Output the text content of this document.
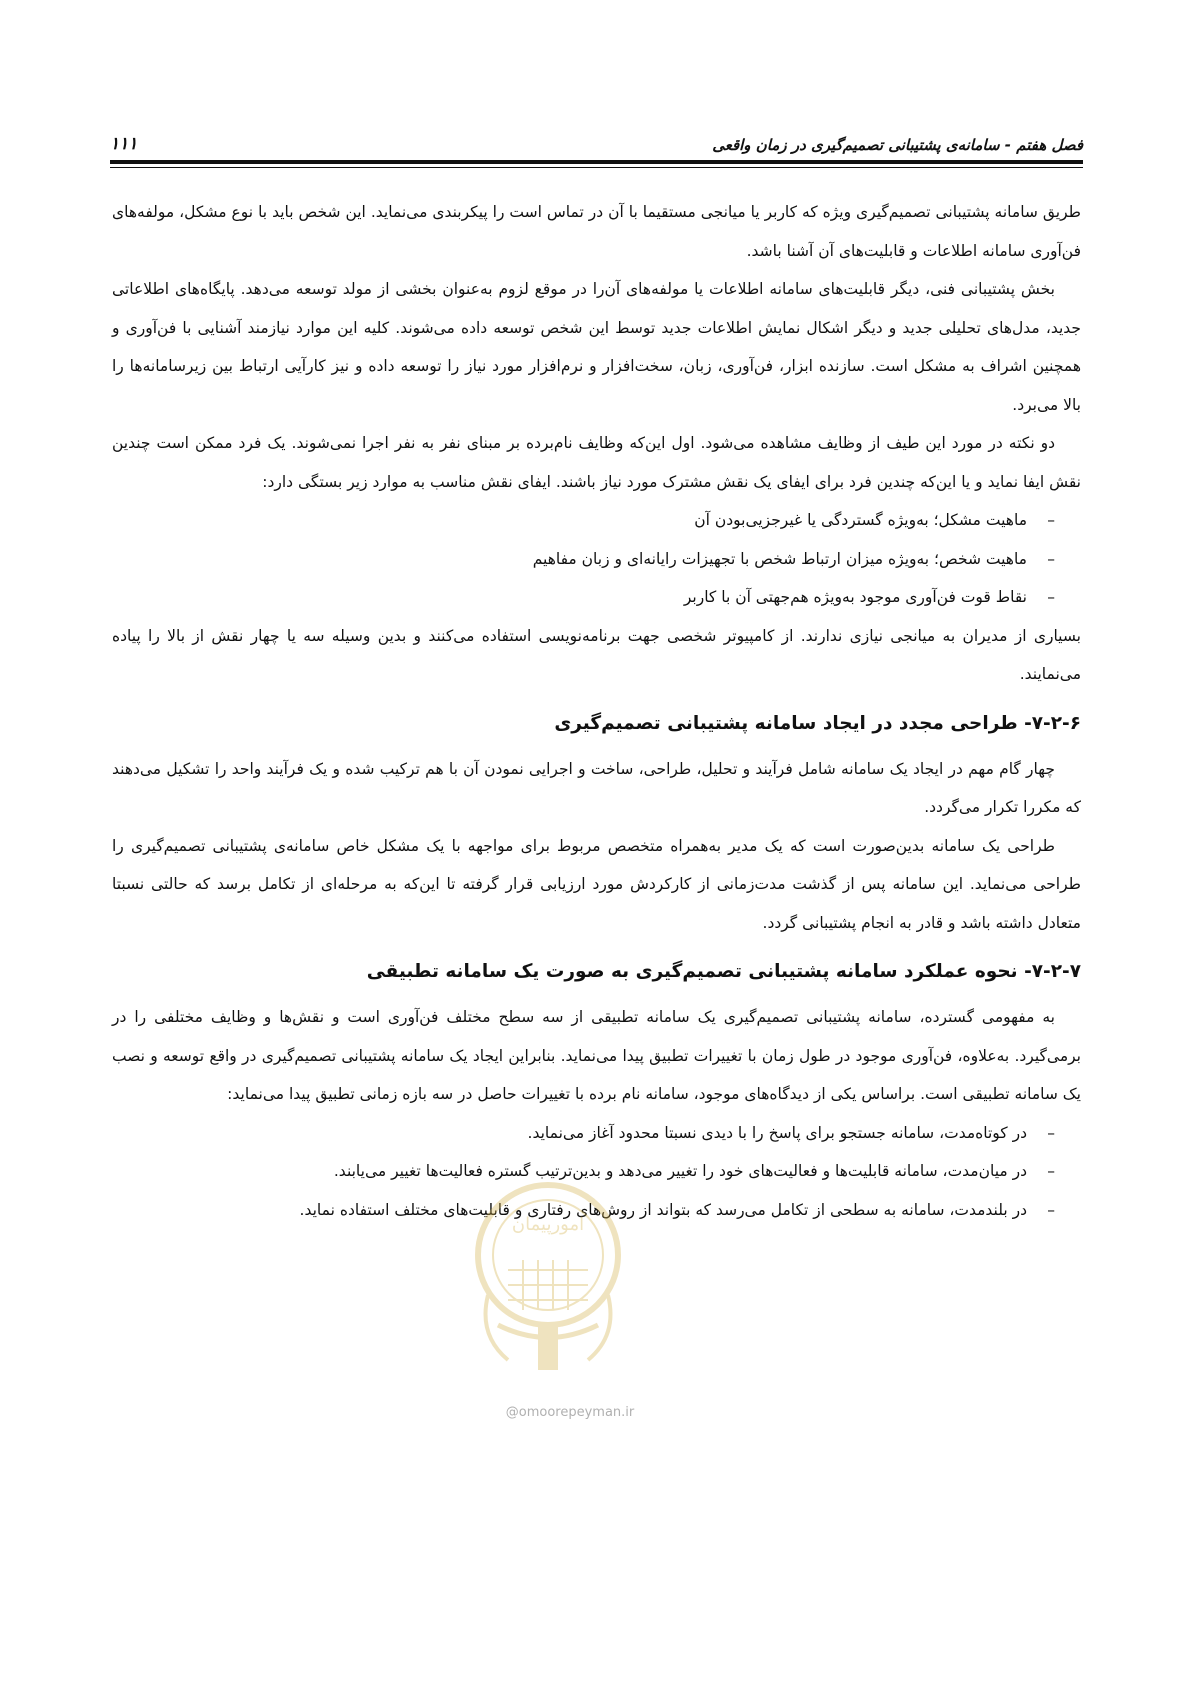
فصل هفتم - سامانه‌ی پشتیبانی تصمیم‌گیری در زمان واقعی
۱۱۱

طریق سامانه پشتیبانی تصمیم‌گیری ویژه که کاربر یا میانجی مستقیما با آن در تماس است را پیکربندی می‌نماید. این شخص باید با نوع مشکل، مولفه‌های فن‌آوری سامانه اطلاعات و قابلیت‌های آن آشنا باشد.

بخش پشتیبانی فنی، دیگر قابلیت‌های سامانه اطلاعات یا مولفه‌های آن‌را در موقع لزوم به‌عنوان بخشی از مولد توسعه می‌دهد. پایگاه‌های اطلاعاتی جدید، مدل‌های تحلیلی جدید و دیگر اشکال نمایش اطلاعات جدید توسط این شخص توسعه داده می‌شوند. کلیه این موارد نیازمند آشنایی با فن‌آوری و همچنین اشراف به مشکل است. سازنده ابزار، فن‌آوری، زبان، سخت‌افزار و نرم‌افزار مورد نیاز را توسعه داده و نیز کارآیی ارتباط بین زیرسامانه‌ها را بالا می‌برد.

دو نکته در مورد این طیف از وظایف مشاهده می‌شود. اول این‌که وظایف نام‌برده بر مبنای نفر به نفر اجرا نمی‌شوند. یک فرد ممکن است چندین نقش ایفا نماید و یا این‌که چندین فرد برای ایفای یک نقش مشترک مورد نیاز باشند. ایفای نقش مناسب به موارد زیر بستگی دارد:

–
ماهیت مشکل؛ به‌ویژه گستردگی یا غیرجزیی‌بودن آن
–
ماهیت شخص؛ به‌ویژه میزان ارتباط شخص با تجهیزات رایانه‌ای و زبان مفاهیم
–
نقاط قوت فن‌آوری موجود به‌ویژه هم‌جهتی آن با کاربر

بسیاری از مدیران به میانجی نیازی ندارند. از کامپیوتر شخصی جهت برنامه‌نویسی استفاده می‌کنند و بدین وسیله سه یا چهار نقش از بالا را پیاده می‌نمایند.

۷-۲-۶- طراحی مجدد در ایجاد سامانه پشتیبانی تصمیم‌گیری

چهار گام مهم در ایجاد یک سامانه شامل فرآیند و تحلیل، طراحی، ساخت و اجرایی نمودن آن با هم ترکیب شده و یک فرآیند واحد را تشکیل می‌دهند که مکررا تکرار می‌گردد.

طراحی یک سامانه بدین‌صورت است که یک مدیر به‌همراه متخصص مربوط برای مواجهه با یک مشکل خاص سامانه‌ی پشتیبانی تصمیم‌گیری را طراحی می‌نماید. این سامانه پس از گذشت مدت‌زمانی از کارکردش مورد ارزیابی قرار گرفته تا این‌که به مرحله‌ای از تکامل برسد که حالتی نسبتا متعادل داشته باشد و قادر به انجام پشتیبانی گردد.

۷-۲-۷- نحوه عملکرد سامانه پشتیبانی تصمیم‌گیری به صورت یک سامانه تطبیقی

به مفهومی گسترده، سامانه پشتیبانی تصمیم‌گیری یک سامانه تطبیقی از سه سطح مختلف فن‌آوری است و نقش‌ها و وظایف مختلفی را در برمی‌گیرد. به‌علاوه، فن‌آوری موجود در طول زمان با تغییرات تطبیق پیدا می‌نماید. بنابراین ایجاد یک سامانه پشتیبانی تصمیم‌گیری در واقع توسعه و نصب یک سامانه تطبیقی است. براساس یکی از دیدگاه‌های موجود، سامانه نام برده با تغییرات حاصل در سه بازه زمانی تطبیق پیدا می‌نماید:

–
در کوتاه‌مدت، سامانه جستجو برای پاسخ را با دیدی نسبتا محدود آغاز می‌نماید.
–
در میان‌مدت، سامانه قابلیت‌ها و فعالیت‌های خود را تغییر می‌دهد و بدین‌ترتیب گستره فعالیت‌ها تغییر می‌یابند.
–
در بلندمدت، سامانه به سطحی از تکامل می‌رسد که بتواند از روش‌های رفتاری و قابلیت‌های مختلف استفاده نماید.
امورپیمان
@omoorepeyman.ir
